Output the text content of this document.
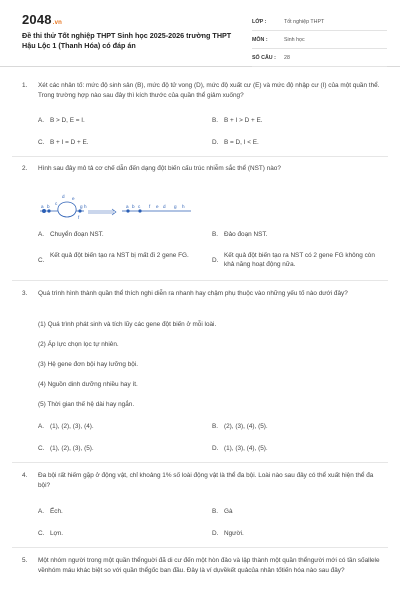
2048.vn
Đề thi thử Tốt nghiệp THPT Sinh học 2025-2026 trường THPT Hậu Lộc 1 (Thanh Hóa) có đáp án
LỚP :	Tốt nghiệp THPT
MÔN :	Sinh học
SỐ CÂU :	28
1. Xét các nhân tố: mức độ sinh sản (B), mức độ tử vong (D), mức độ xuất cư (E) và mức độ nhập cư (I) của một quần thể. Trong trường hợp nào sau đây thì kích thước của quần thể giảm xuống?
A. B > D, E = I.	B. B + I > D + E.
C. B + I = D + E.	D. B = D, I < E.
2. Hình sau đây mô tả cơ chế dẫn đến dạng đột biến cấu trúc nhiễm sắc thể (NST) nào?
a b
c
d e
f
g h	a b c f e d g h
A. Chuyển đoạn NST.	B. Đảo đoạn NST.
C.
Kết quả đột biến tạo ra NST bị mất đi 2 gene FG.
D.
Kết quả đột biến tạo ra NST có 2 gene FG không còn khả năng hoạt động nữa.
3. Quá trình hình thành quần thể thích nghi diễn ra nhanh hay chậm phụ thuộc vào những yếu tố nào dưới đây?
(1) Quá trình phát sinh và tích lũy các gene đột biến ở mỗi loài.
(2) Áp lực chọn lọc tự nhiên.
(3) Hệ gene đơn bội hay lưỡng bội.
(4) Nguồn dinh dưỡng nhiều hay ít.
(5) Thời gian thế hệ dài hay ngắn.
A. (1), (2), (3), (4).	B. (2), (3), (4), (5).
C. (1), (2), (3), (5).	D. (1), (3), (4), (5).
4. Đa bội rất hiếm gặp ở động vật, chỉ khoảng 1% số loài động vật là thể đa bội. Loài nào sau đây có thể xuất hiện thể đa bội?
A. Ếch.	B. Gà
C. Lợn.	D. Người.
5. Một nhóm người trong một quần thểnguời đã di cư đến một hòn đảo và lập thành một quần thểngười mới có tần sốallele vềnhóm máu khác biệt so với quần thểgốc ban đầu. Đây là ví dụvềkết quảcủa nhân tốtiến hóa nào sau đây?
